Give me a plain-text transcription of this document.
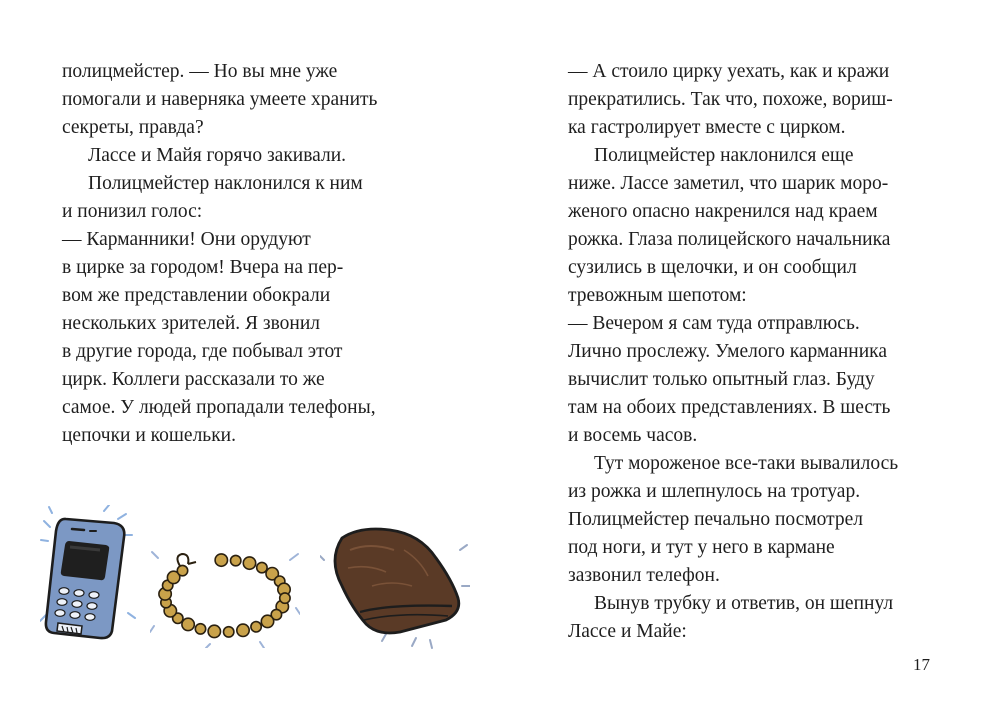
полицмейстер. — Но вы мне уже
помогали и наверняка умеете хранить
секреты, правда?
Лассе и Майя горячо закивали.
Полицмейстер наклонился к ним
и понизил голос:
— Карманники! Они орудуют
в цирке за городом! Вчера на пер-
вом же представлении обокрали
нескольких зрителей. Я звонил
в другие города, где побывал этот
цирк. Коллеги рассказали то же
самое. У людей пропадали телефоны,
цепочки и кошельки.
— А стоило цирку уехать, как и кражи
прекратились. Так что, похоже, вориш-
ка гастролирует вместе с цирком.
Полицмейстер наклонился еще
ниже. Лассе заметил, что шарик моро-
женого опасно накренился над краем
рожка. Глаза полицейского начальника
сузились в щелочки, и он сообщил
тревожным шепотом:
— Вечером я сам туда отправлюсь.
Лично прослежу. Умелого карманника
вычислит только опытный глаз. Буду
там на обоих представлениях. В шесть
и восемь часов.
Тут мороженое все-таки вывалилось
из рожка и шлепнулось на тротуар.
Полицмейстер печально посмотрел
под ноги, и тут у него в кармане
зазвонил телефон.
Вынув трубку и ответив, он шепнул
Лассе и Майе:
17
